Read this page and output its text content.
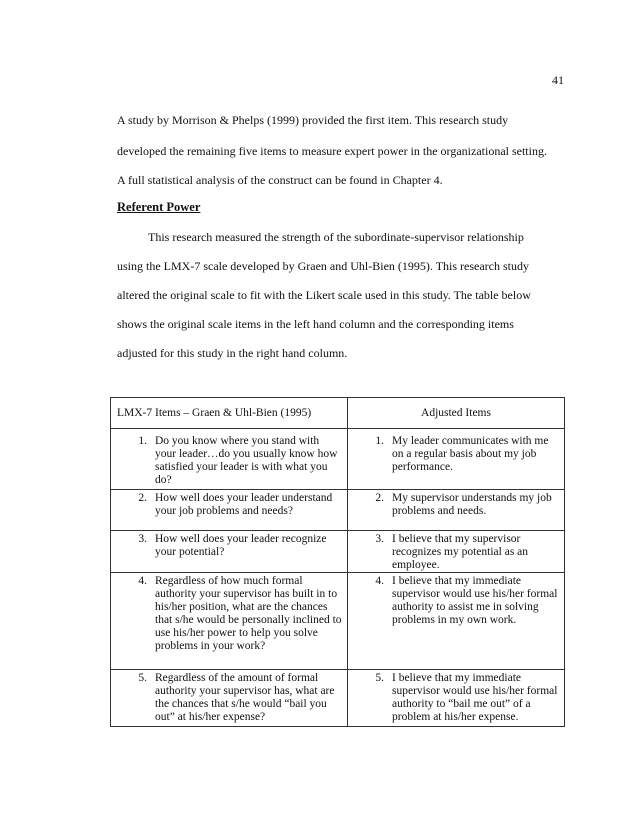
41
A study by Morrison & Phelps (1999) provided the first item. This research study
developed the remaining five items to measure expert power in the organizational setting.
A full statistical analysis of the construct can be found in Chapter 4.
Referent Power
This research measured the strength of the subordinate-supervisor relationship
using the LMX-7 scale developed by Graen and Uhl-Bien (1995). This research study
altered the original scale to fit with the Likert scale used in this study. The table below
shows the original scale items in the left hand column and the corresponding items
adjusted for this study in the right hand column.
LMX-7 Items – Graen & Uhl-Bien (1995)	Adjusted Items

1. Do you know where you stand with your leader…do you usually know how satisfied your leader is with what you do?	1. My leader communicates with me on a regular basis about my job performance.

2. How well does your leader understand your job problems and needs?	2. My supervisor understands my job problems and needs.

3. How well does your leader recognize your potential?	3. I believe that my supervisor recognizes my potential as an employee.

4. Regardless of how much formal authority your supervisor has built in to his/her position, what are the chances that s/he would be personally inclined to use his/her power to help you solve problems in your work?	4. I believe that my immediate supervisor would use his/her formal authority to assist me in solving problems in my own work.

5. Regardless of the amount of formal authority your supervisor has, what are the chances that s/he would “bail you out” at his/her expense?	5. I believe that my immediate supervisor would use his/her formal authority to “bail me out” of a problem at his/her expense.
